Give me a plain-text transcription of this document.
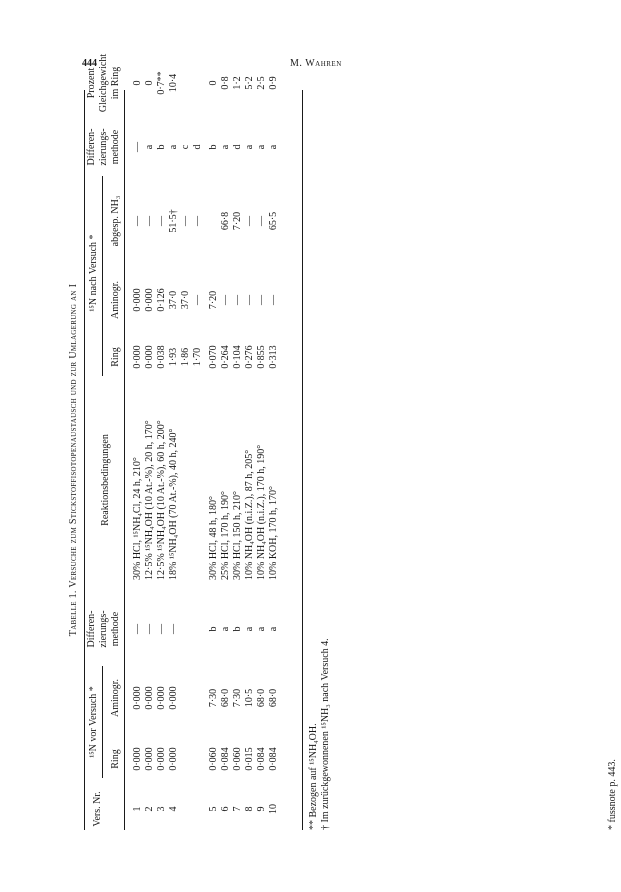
444	M. Wahren
Tabelle 1. Versuche zum Stickstoffisotopenaustausch und zur Umlagerung an I
Vers. Nr.
¹⁵N vor Versuch *
Ring
Aminogr.
Differen- zierungs- methode
Reaktionsbedingungen
¹⁵N nach Versuch *
Ring
Aminogr.
abgesp. NH₃
Differen- zierungs- methode
Prozent Gleichgewicht im Ring
1
0·000
0·000
—
30% HCl, ¹⁵NH₄Cl, 24 h, 210°
0·000
0·000
—
—
0
2
0·000
0·000
—
12·5% ¹⁵NH₄OH (10 At.-%), 20 h, 170°
0·000
0·000
—
a
0
3
0·000
0·000
—
12·5% ¹⁵NH₄OH (10 At.-%), 60 h, 200°
0·038
0·126
—
b
0·7**
4
0·000
0·000
—
18% ¹⁵NH₄OH (70 At.-%), 40 h, 240°
1·93
37·0
51·5†
a
10·4
1·86
37·0
—
c
1·70
—
—
d
5
0·060
7·30
b
30% HCl, 48 h, 180°
0·070
7·20
b
0
6
0·084
68·0
a
25% HCl, 170 h, 190°
0·264
—
66·8
a
0·8
7
0·060
7·30
b
30% HCl, 150 h, 210°
0·104
—
7·20
d
1·2
8
0·015
10·5
a
10% NH₄OH (n.i.Z.), 87 h, 205°
0·276
—
—
a
5·2
9
0·084
68·0
a
10% NH₄OH (n.i.Z.), 170 h, 190°
0·855
—
—
a
2·5
10
0·084
68·0
a
10% KOH, 170 h, 170°
0·313
—
65·5
a
0·9
** Bezogen auf ¹⁵NH₄OH. † Im zurückgewonnenen ¹⁵NH₃ nach Versuch 4.	* fussnote p. 443.
